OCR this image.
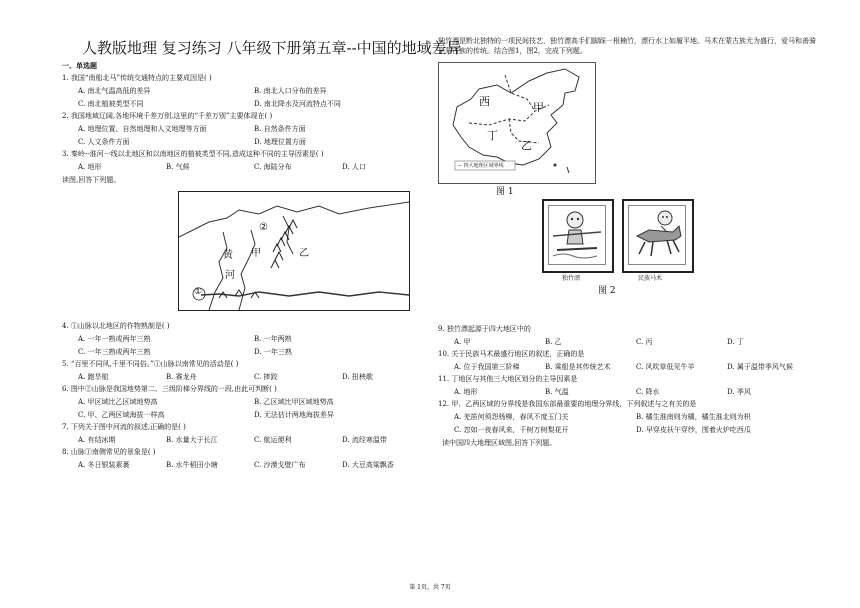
人教版地理 复习练习 八年级下册第五章--中国的地域差异
一、单选题
1. 我国“南船北马”传统交通特点的主要成因是( )
A. 南北气温高低的差异	B. 南北人口分布的差异
C. 南北植被类型不同	D. 南北降水及河流特点不同
2. 我国地域辽阔,各地环境千差万别,这里的“千差万别”主要体现在( )
A. 地理位置、自然地理和人文地理等方面	B. 自然条件方面
C. 人文条件方面	D. 地理位置方面
3. 秦岭--淮河一线以北地区和以南地区的植被类型不同,造成这种不同的主导因素是( )
A. 地形	B. 气候	C. 海陆分布	D. 人口
读图,回答下列题。
黄
河
甲	乙
②
①
4. ①山脉以北地区的作物熟制是( )
A. 一年一熟或两年三熟	B. 一年两熟
C. 一年三熟或两年三熟	D. 一年三熟
5. “百里不同风,千里不同俗。”①山脉以南常见的活动是( )
A. 跑旱船	B. 赛龙舟	C. 摔跤	D. 扭秧歌
6. 图中②山脉是我国地势第二、三级阶梯分界线的一段,由此可判断( )
A. 甲区域比乙区域地势高	B. 乙区域比甲区域地势高
C. 甲、乙两区域海拔一样高	D. 无法估计两地海拔差异
7. 下列关于图中河流的叙述,正确的是( )
A. 有结冰期	B. 水量大于长江	C. 航运便利	D. 流经寒温带
8. 山脉①南侧常见的景象是( )
A. 冬日银装素裹	B. 水牛稻田小塘	C. 沙漠戈壁广布	D. 大豆高粱飘香
独竹漂是黔北独特的一项民间技艺，独竹漂高手们脚踩一根楠竹，漂行水上如履平地。马术在蒙古族尤为盛行，爱马和善骑是蒙古族的传统。结合图1，图2，完成下列题。
西	甲
丁
乙
— 四大地理区域界线
图 1
独竹漂	民族马术
图 2
9. 独竹漂起源于四大地区中的
A. 甲	B. 乙	C. 丙	D. 丁
10. 关于民族马术最盛行地区的叙述，正确的是
A. 位于我国第三阶梯	B. 乘船是其传统艺术	C. 风吹草低见牛羊	D. 属于温带季风气候
11. 丁地区与其他三大地区划分的主导因素是
A. 地形	B. 气温	C. 降水	D. 季风
12. 甲、乙两区域的分界线是我国东部最重要的地理分界线，下列叙述与之有关的是
A. 羌笛何须怨杨柳，春风不度玉门关	B. 橘生淮南则为橘，橘生淮北则为枳
C. 忽如一夜春风来，千树万树梨花开	D. 早穿皮袄午穿纱，围着火炉吃西瓜
读中国四大地理区域图,回答下列题。
第 1页，共 7页
